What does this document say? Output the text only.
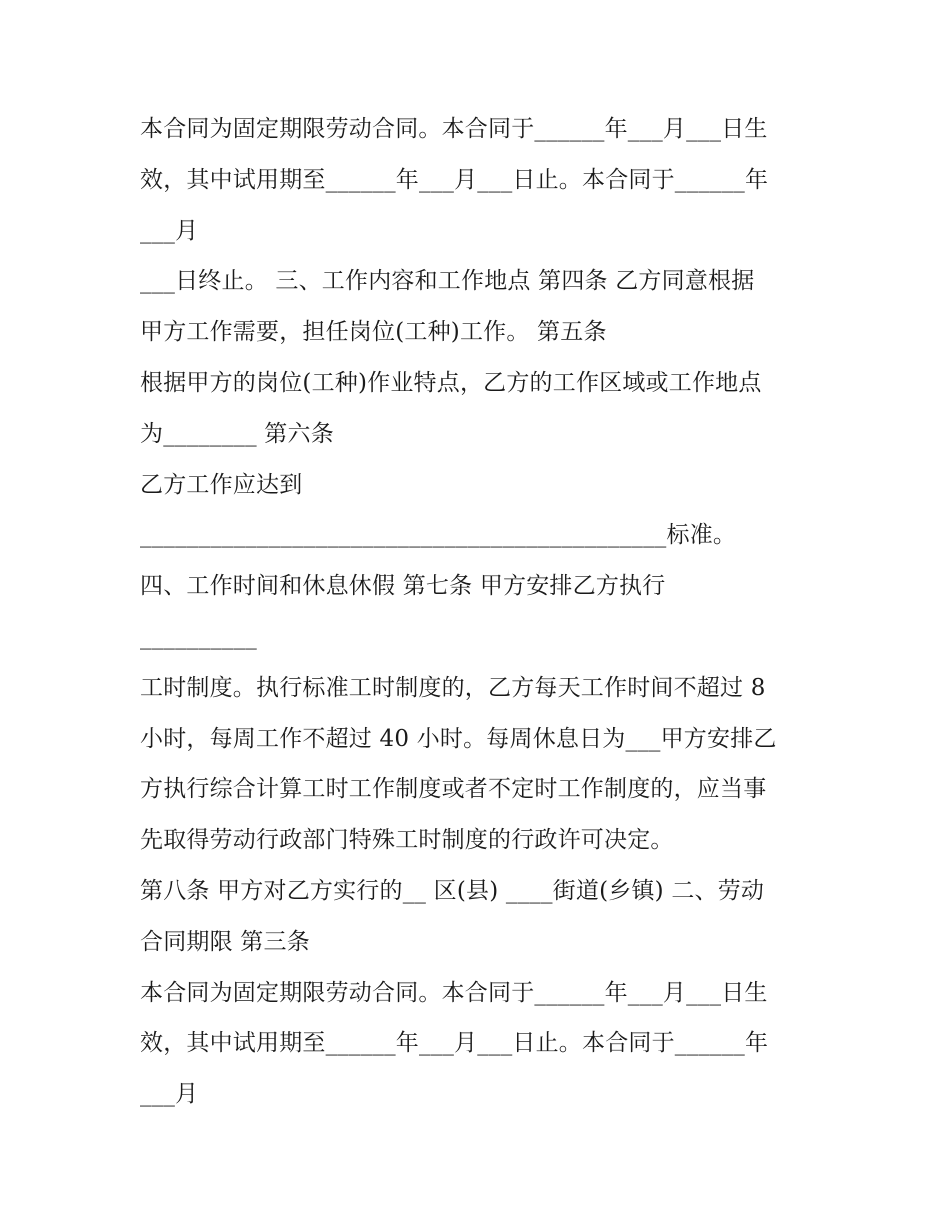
本合同为固定期限劳动合同。本合同于______年___月___日生
效，其中试用期至______年___月___日止。本合同于______年
___月
___日终止。 三、工作内容和工作地点 第四条 乙方同意根据
甲方工作需要，担任岗位(工种)工作。 第五条
根据甲方的岗位(工种)作业特点，乙方的工作区域或工作地点
为________ 第六条
乙方工作应达到
_____________________________________________标准。
四、工作时间和休息休假 第七条 甲方安排乙方执行
__________
工时制度。执行标准工时制度的，乙方每天工作时间不超过 8
小时，每周工作不超过 40 小时。每周休息日为___甲方安排乙
方执行综合计算工时工作制度或者不定时工作制度的，应当事
先取得劳动行政部门特殊工时制度的行政许可决定。
第八条 甲方对乙方实行的__ 区(县) ____街道(乡镇) 二、劳动
合同期限 第三条
本合同为固定期限劳动合同。本合同于______年___月___日生
效，其中试用期至______年___月___日止。本合同于______年
___月
